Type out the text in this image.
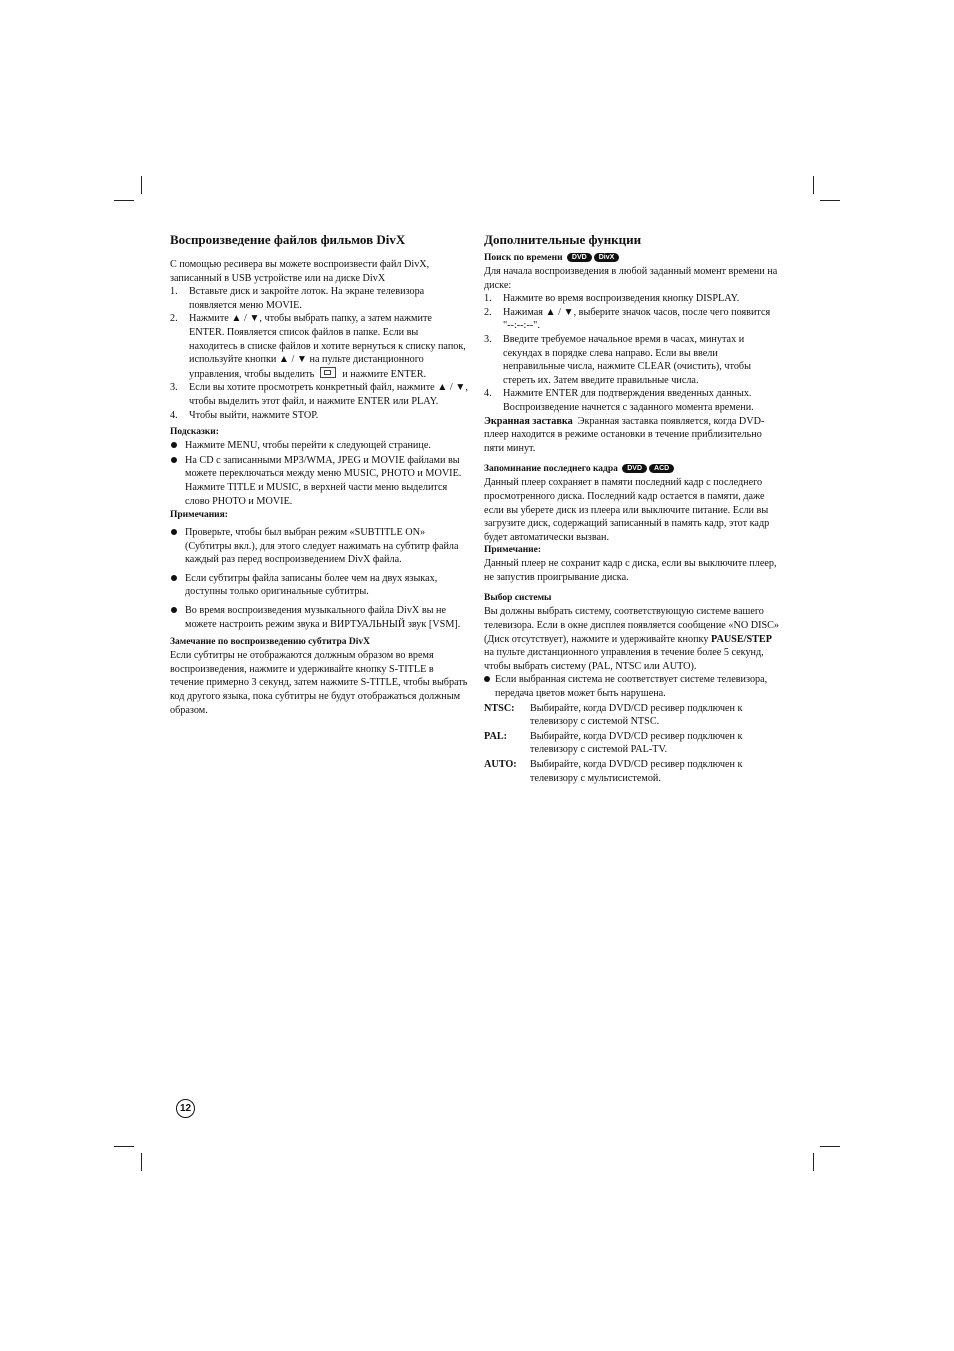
Воспроизведение файлов фильмов DivX

С помощью ресивера вы можете воспроизвести файл DivX, записанный в USB устройстве или на диске DivX

1. Вставьте диск и закройте лоток. На экране телевизора появляется меню MOVIE.
2. Нажмите ▲ / ▼, чтобы выбрать папку, а затем нажмите ENTER. Появляется список файлов в папке. Если вы находитесь в списке файлов и хотите вернуться к списку папок, используйте кнопки ▲ / ▼ на пульте дистанционного управления, чтобы выделить	и нажмите ENTER.
3. Если вы хотите просмотреть конкретный файл, нажмите ▲ / ▼, чтобы выделить этот файл, и нажмите ENTER или PLAY.
4. Чтобы выйти, нажмите STOP.
Подсказки:
Нажмите MENU, чтобы перейти к следующей странице.
На CD с записанными MP3/WMA, JPEG и MOVIE файлами вы можете переключаться между меню MUSIC, PHOTO и MOVIE. Нажмите TITLE и MUSIC, в верхней части меню выделится слово PHOTO и MOVIE.
Примечания:
Проверьте, чтобы был выбран режим «SUBTITLE ON» (Субтитры вкл.), для этого следует нажимать на субтитр файла каждый раз перед воспроизведением DivX файла.
Если субтитры файла записаны более чем на двух языках, доступны только оригинальные субтитры.
Во время воспроизведения музыкального файла DivX вы не можете настроить режим звука и ВИРТУАЛЬНЫЙ звук [VSM].
Замечание по воспроизведению субтитра DivX

Если субтитры не отображаются должным образом во время воспроизведения, нажмите и удерживайте кнопку S-TITLE в течение примерно 3 секунд, затем нажмите S-TITLE, чтобы выбрать код другого языка, пока субтитры не будут отображаться должным образом.

Дополнительные функции
Поиск по времени DVD DivX

Для начала воспроизведения в любой заданный момент времени на диске:

1. Нажмите во время воспроизведения кнопку DISPLAY.
2. Нажимая ▲ / ▼, выберите значок часов, после чего появится "--:--:--".
3. Введите требуемое начальное время в часах, минутах и секундах в порядке слева направо. Если вы ввели неправильные числа, нажмите CLEAR (очистить), чтобы стереть их. Затем введите правильные числа.
4. Нажмите ENTER для подтверждения введенных данных. Воспроизведение начнется с заданного момента времени.

Экранная заставка Экранная заставка появляется, когда DVD-плеер находится в режиме остановки в течение приблизительно пяти минут.

Запоминание последнего кадра DVD ACD

Данный плеер сохраняет в памяти последний кадр с последнего просмотренного диска. Последний кадр остается в памяти, даже если вы уберете диск из плеера или выключите питание. Если вы загрузите диск, содержащий записанный в память кадр, этот кадр будет автоматически вызван.

Примечание:

Данный плеер не сохранит кадр с диска, если вы выключите плеер, не запустив проигрывание диска.

Выбор системы

Вы должны выбрать систему, соответствующую системе вашего телевизора. Если в окне дисплея появляется сообщение «NO DISC» (Диск отсутствует), нажмите и удерживайте кнопку PAUSE/STEP на пульте дистанционного управления в течение более 5 секунд, чтобы выбрать систему (PAL, NTSC или AUTO).

Если выбранная система не соответствует системе телевизора, передача цветов может быть нарушена.
NTSC:	Выбирайте, когда DVD/CD ресивер подключен к телевизору с системой NTSC.
PAL:	Выбирайте, когда DVD/CD ресивер подключен к телевизору с системой PAL-TV.
AUTO:	Выбирайте, когда DVD/CD ресивер подключен к телевизору с мультисистемой.
12
